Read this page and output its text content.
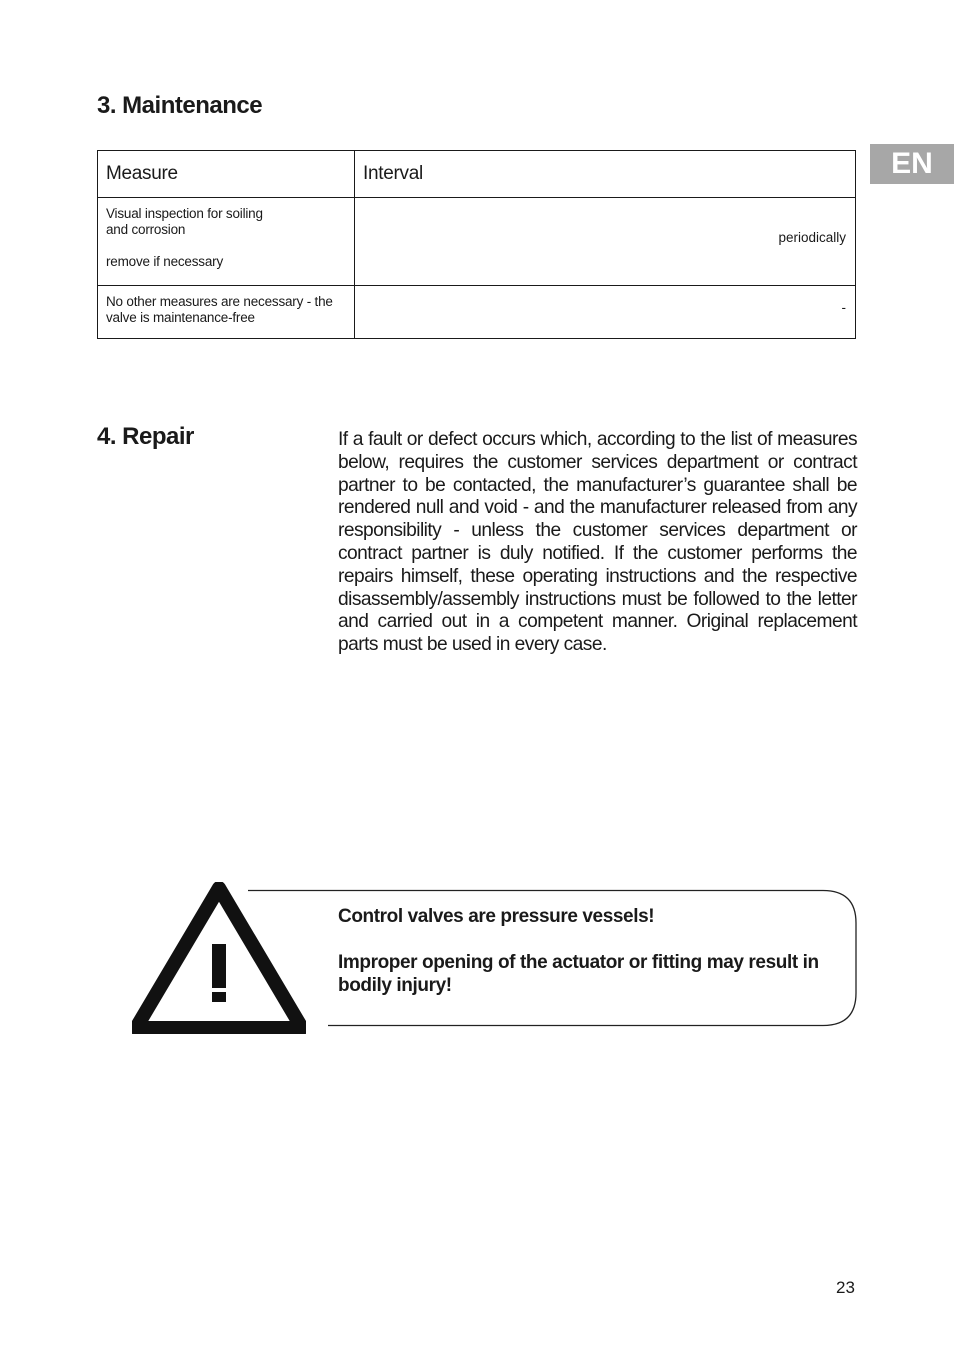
EN
3. Maintenance
Measure	Interval
Visual inspection for soiling
and corrosion
remove if necessary	periodically

No other measures are necessary - the
valve is maintenance-free	-
4. Repair	If a fault or defect occurs which, according to the list of measures below, requires the customer services department or contract partner to be contacted, the manufacturer’s guarantee shall be rendered null and void - and the manufacturer released from any responsibility - unless the customer services department or contract partner is duly notified. If the customer performs the repairs himself, these operating instructions and the respective disassembly/assembly instructions must be followed to the letter and carried out in a competent manner. Original replacement parts must be used in every case.

Control valves are pressure vessels!

Improper opening of the actuator or fitting may result in bodily injury!

23
